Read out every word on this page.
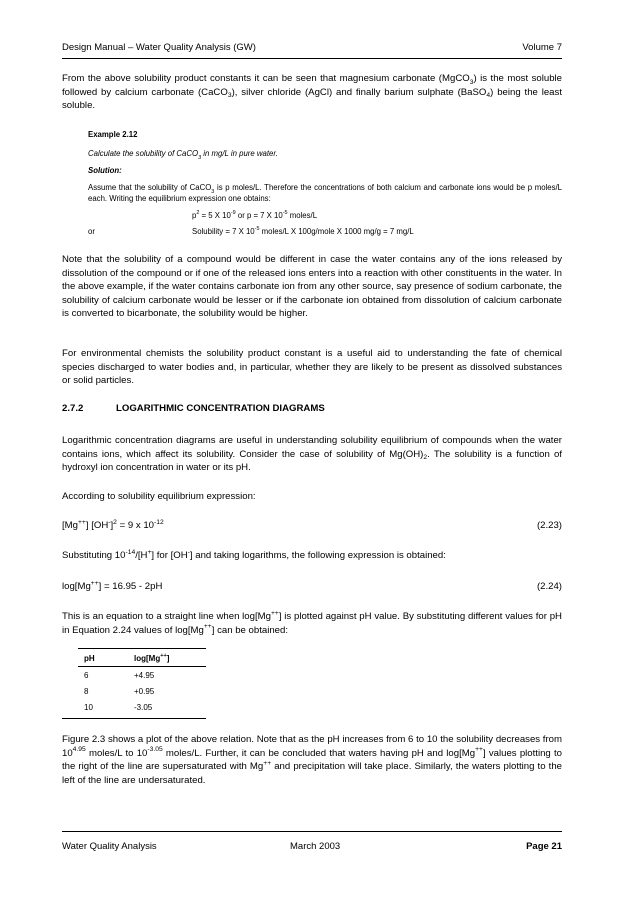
Design Manual – Water Quality Analysis (GW)	Volume 7

From the above solubility product constants it can be seen that magnesium carbonate (MgCO$_3$) is the most soluble followed by calcium carbonate (CaCO$_3$), silver chloride (AgCl) and finally barium sulphate (BaSO$_4$) being the least soluble.

Example 2.12
Calculate the solubility of CaCO$_3$ in mg/L in pure water.
Solution:
Assume that the solubility of CaCO$_3$ is p moles/L. Therefore the concentrations of both calcium and carbonate ions would be p moles/L each. Writing the equilibrium expression one obtains:
$p^2 = 5$ X $10^{-9}$ or p = 7 X $10^{-5}$ moles/L
or	Solubility = 7 X $10^{-5}$ moles/L X 100g/mole X 1000 mg/g = 7 mg/L

Note that the solubility of a compound would be different in case the water contains any of the ions released by dissolution of the compound or if one of the released ions enters into a reaction with other constituents in the water. In the above example, if the water contains carbonate ion from any other source, say presence of sodium carbonate, the solubility of calcium carbonate would be lesser or if the carbonate ion obtained from dissolution of calcium carbonate is converted to bicarbonate, the solubility would be higher.

For environmental chemists the solubility product constant is a useful aid to understanding the fate of chemical species discharged to water bodies and, in particular, whether they are likely to be present as dissolved substances or solid particles.

2.7.2	LOGARITHMIC CONCENTRATION DIAGRAMS

Logarithmic concentration diagrams are useful in understanding solubility equilibrium of compounds when the water contains ions, which affect its solubility. Consider the case of solubility of $Mg(OH)_2$. The solubility is a function of hydroxyl ion concentration in water or its pH.

According to solubility equilibrium expression:

[Mg++] $[OH^-]^2 = 9$ x $10^{-12}$	(2.23)

Substituting $10^{-14}/[H^+]$ for [OH-] and taking logarithms, the following expression is obtained:

log[Mg++] = 16.95 - 2pH	(2.24)

This is an equation to a straight line when log[Mg++] is plotted against pH value. By substituting different values for pH in Equation 2.24 values of log[Mg++] can be obtained:

pH	log[Mg++]
6	+4.95
8	+0.95
10	-3.05

Figure 2.3 shows a plot of the above relation. Note that as the pH increases from 6 to 10 the solubility decreases from $10^{4.95}$ moles/L to $10^{-3.05}$ moles/L. Further, it can be concluded that waters having pH and log[Mg++] values plotting to the right of the line are supersaturated with Mg++ and precipitation will take place. Similarly, the waters plotting to the left of the line are undersaturated.

Water Quality Analysis	March 2003	Page 21
